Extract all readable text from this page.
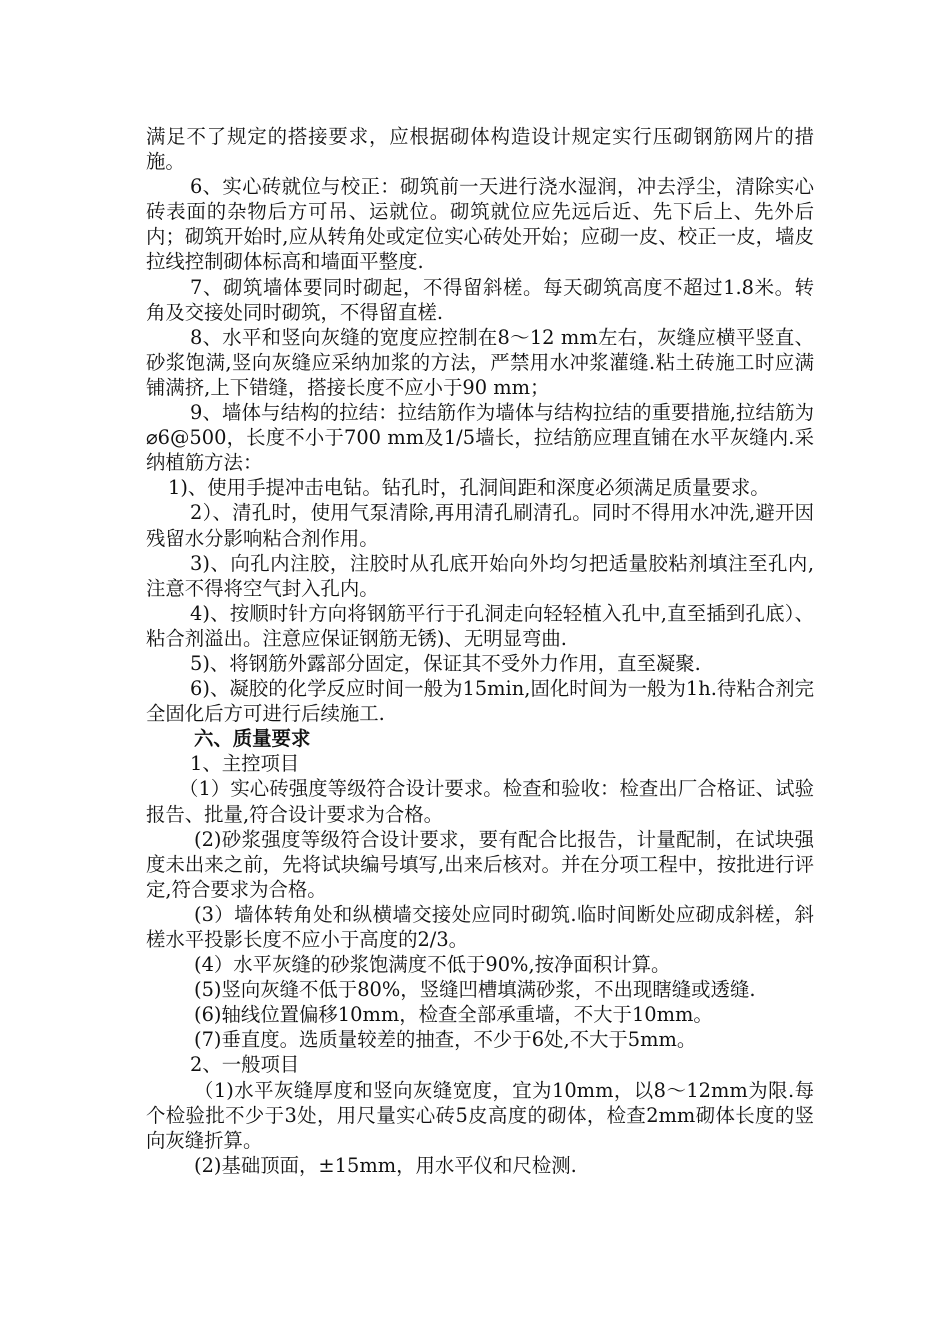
满足不了规定的搭接要求，应根据砌体构造设计规定实行压砌钢筋网片的措施。

6、实心砖就位与校正：砌筑前一天进行浇水湿润，冲去浮尘，清除实心砖表面的杂物后方可吊、运就位。砌筑就位应先远后近、先下后上、先外后内；砌筑开始时,应从转角处或定位实心砖处开始；应砌一皮、校正一皮，墙皮拉线控制砌体标高和墙面平整度.

7、砌筑墙体要同时砌起，不得留斜槎。每天砌筑高度不超过1.8米。转角及交接处同时砌筑，不得留直槎.

8、水平和竖向灰缝的宽度应控制在8～12 mm左右，灰缝应横平竖直、砂浆饱满,竖向灰缝应采纳加浆的方法，严禁用水冲浆灌缝.粘土砖施工时应满铺满挤,上下错缝，搭接长度不应小于90 mm；

9、墙体与结构的拉结：拉结筋作为墙体与结构拉结的重要措施,拉结筋为⌀6@500，长度不小于700 mm及1/5墙长，拉结筋应理直铺在水平灰缝内.采纳植筋方法：

1)、使用手提冲击电钻。钻孔时，孔洞间距和深度必须满足质量要求。

2）、清孔时，使用气泵清除,再用清孔刷清孔。同时不得用水冲洗,避开因残留水分影响粘合剂作用。

3)、向孔内注胶，注胶时从孔底开始向外均匀把适量胶粘剂填注至孔内,注意不得将空气封入孔内。

4)、按顺时针方向将钢筋平行于孔洞走向轻轻植入孔中,直至插到孔底）、粘合剂溢出。注意应保证钢筋无锈)、无明显弯曲.

5)、将钢筋外露部分固定，保证其不受外力作用，直至凝聚.

6)、凝胶的化学反应时间一般为15min,固化时间为一般为1h.待粘合剂完全固化后方可进行后续施工.

六、质量要求

1、主控项目

（1）实心砖强度等级符合设计要求。检查和验收：检查出厂合格证、试验报告、批量,符合设计要求为合格。

(2)砂浆强度等级符合设计要求，要有配合比报告，计量配制，在试块强度未出来之前，先将试块编号填写,出来后核对。并在分项工程中，按批进行评定,符合要求为合格。

(3）墙体转角处和纵横墙交接处应同时砌筑.临时间断处应砌成斜槎，斜槎水平投影长度不应小于高度的2/3。

(4）水平灰缝的砂浆饱满度不低于90%,按净面积计算。

(5)竖向灰缝不低于80%，竖缝凹槽填满砂浆，不出现瞎缝或透缝.

(6)轴线位置偏移10mm，检查全部承重墙，不大于10mm。

(7)垂直度。选质量较差的抽查，不少于6处,不大于5mm。

2、一般项目

（1)水平灰缝厚度和竖向灰缝宽度，宜为10mm，以8～12mm为限.每个检验批不少于3处，用尺量实心砖5皮高度的砌体，检查2mm砌体长度的竖向灰缝折算。

(2)基础顶面，±15mm，用水平仪和尺检测.
